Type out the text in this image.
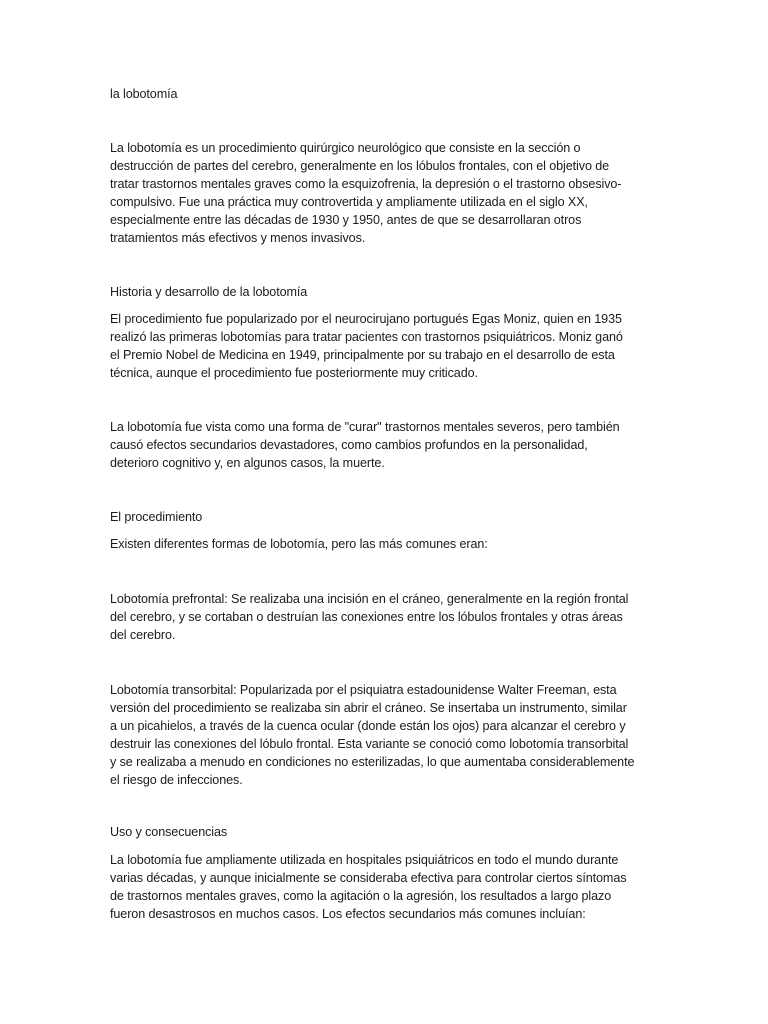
la lobotomía

La lobotomía es un procedimiento quirúrgico neurológico que consiste en la sección o

destrucción de partes del cerebro, generalmente en los lóbulos frontales, con el objetivo de

tratar trastornos mentales graves como la esquizofrenia, la depresión o el trastorno obsesivo-

compulsivo. Fue una práctica muy controvertida y ampliamente utilizada en el siglo XX,

especialmente entre las décadas de 1930 y 1950, antes de que se desarrollaran otros

tratamientos más efectivos y menos invasivos.

Historia y desarrollo de la lobotomía

El procedimiento fue popularizado por el neurocirujano portugués Egas Moniz, quien en 1935

realizó las primeras lobotomías para tratar pacientes con trastornos psiquiátricos. Moniz ganó

el Premio Nobel de Medicina en 1949, principalmente por su trabajo en el desarrollo de esta

técnica, aunque el procedimiento fue posteriormente muy criticado.

La lobotomía fue vista como una forma de "curar" trastornos mentales severos, pero también

causó efectos secundarios devastadores, como cambios profundos en la personalidad,

deterioro cognitivo y, en algunos casos, la muerte.

El procedimiento

Existen diferentes formas de lobotomía, pero las más comunes eran:

Lobotomía prefrontal: Se realizaba una incisión en el cráneo, generalmente en la región frontal

del cerebro, y se cortaban o destruían las conexiones entre los lóbulos frontales y otras áreas

del cerebro.

Lobotomía transorbital: Popularizada por el psiquiatra estadounidense Walter Freeman, esta

versión del procedimiento se realizaba sin abrir el cráneo. Se insertaba un instrumento, similar

a un picahielos, a través de la cuenca ocular (donde están los ojos) para alcanzar el cerebro y

destruir las conexiones del lóbulo frontal. Esta variante se conoció como lobotomía transorbital

y se realizaba a menudo en condiciones no esterilizadas, lo que aumentaba considerablemente

el riesgo de infecciones.

Uso y consecuencias

La lobotomía fue ampliamente utilizada en hospitales psiquiátricos en todo el mundo durante

varias décadas, y aunque inicialmente se consideraba efectiva para controlar ciertos síntomas

de trastornos mentales graves, como la agitación o la agresión, los resultados a largo plazo

fueron desastrosos en muchos casos. Los efectos secundarios más comunes incluían:
